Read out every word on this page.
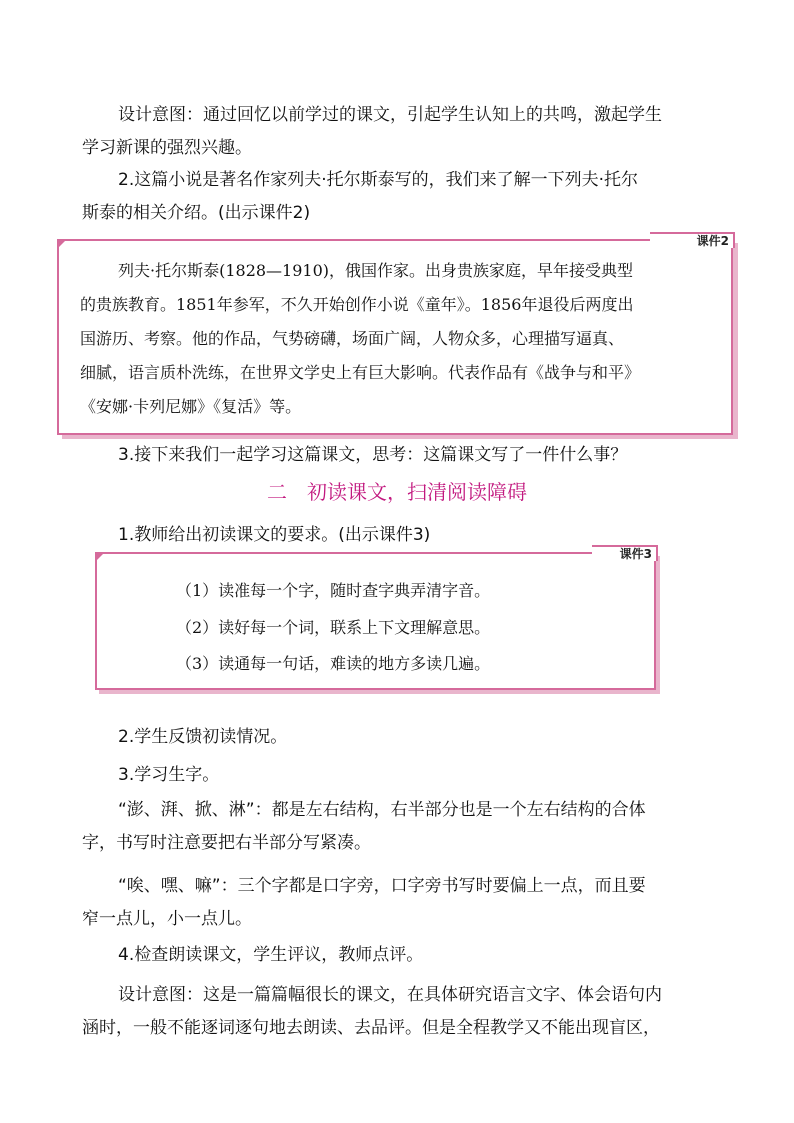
设计意图：通过回忆以前学过的课文，引起学生认知上的共鸣，激起学生
学习新课的强烈兴趣。
2.这篇小说是著名作家列夫·托尔斯泰写的，我们来了解一下列夫·托尔
斯泰的相关介绍。(出示课件2)
课件2
列夫·托尔斯泰(1828—1910)，俄国作家。出身贵族家庭，早年接受典型
的贵族教育。1851年参军，不久开始创作小说《童年》。1856年退役后两度出
国游历、考察。他的作品，气势磅礴，场面广阔，人物众多，心理描写逼真、
细腻，语言质朴洗练，在世界文学史上有巨大影响。代表作品有《战争与和平》
《安娜·卡列尼娜》《复活》等。
3.接下来我们一起学习这篇课文，思考：这篇课文写了一件什么事？
二　初读课文，扫清阅读障碍
1.教师给出初读课文的要求。(出示课件3)
课件3
（1）读准每一个字，随时查字典弄清字音。
（2）读好每一个词，联系上下文理解意思。
（3）读通每一句话，难读的地方多读几遍。
2.学生反馈初读情况。
3.学习生字。
“澎、湃、掀、淋”：都是左右结构，右半部分也是一个左右结构的合体
字，书写时注意要把右半部分写紧凑。
“唉、嘿、嘛”：三个字都是口字旁，口字旁书写时要偏上一点，而且要
窄一点儿，小一点儿。
4.检查朗读课文，学生评议，教师点评。
设计意图：这是一篇篇幅很长的课文，在具体研究语言文字、体会语句内
涵时，一般不能逐词逐句地去朗读、去品评。但是全程教学又不能出现盲区，
